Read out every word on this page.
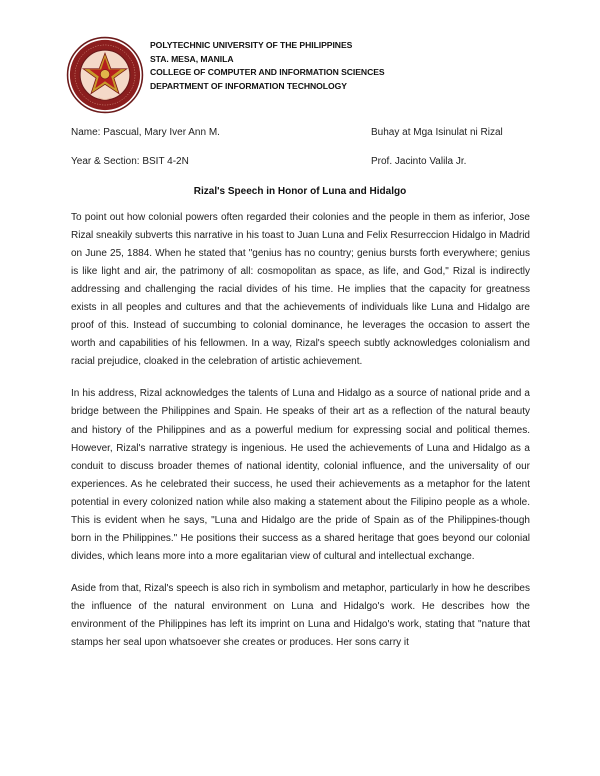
POLYTECHNIC UNIVERSITY OF THE PHILIPPINES
STA. MESA, MANILA
COLLEGE OF COMPUTER AND INFORMATION SCIENCES
DEPARTMENT OF INFORMATION TECHNOLOGY
Name: Pascual, Mary Iver Ann M.	Buhay at Mga Isinulat ni Rizal
Year & Section: BSIT 4-2N	Prof. Jacinto Valila Jr.
Rizal's Speech in Honor of Luna and Hidalgo

To point out how colonial powers often regarded their colonies and the people in them as inferior, Jose Rizal sneakily subverts this narrative in his toast to Juan Luna and Felix Resurreccion Hidalgo in Madrid on June 25, 1884. When he stated that "genius has no country; genius bursts forth everywhere; genius is like light and air, the patrimony of all: cosmopolitan as space, as life, and God," Rizal is indirectly addressing and challenging the racial divides of his time. He implies that the capacity for greatness exists in all peoples and cultures and that the achievements of individuals like Luna and Hidalgo are proof of this. Instead of succumbing to colonial dominance, he leverages the occasion to assert the worth and capabilities of his fellowmen. In a way, Rizal's speech subtly acknowledges colonialism and racial prejudice, cloaked in the celebration of artistic achievement.

In his address, Rizal acknowledges the talents of Luna and Hidalgo as a source of national pride and a bridge between the Philippines and Spain. He speaks of their art as a reflection of the natural beauty and history of the Philippines and as a powerful medium for expressing social and political themes. However, Rizal's narrative strategy is ingenious. He used the achievements of Luna and Hidalgo as a conduit to discuss broader themes of national identity, colonial influence, and the universality of our experiences. As he celebrated their success, he used their achievements as a metaphor for the latent potential in every colonized nation while also making a statement about the Filipino people as a whole. This is evident when he says, "Luna and Hidalgo are the pride of Spain as of the Philippines-though born in the Philippines." He positions their success as a shared heritage that goes beyond our colonial divides, which leans more into a more egalitarian view of cultural and intellectual exchange.

Aside from that, Rizal's speech is also rich in symbolism and metaphor, particularly in how he describes the influence of the natural environment on Luna and Hidalgo's work. He describes how the environment of the Philippines has left its imprint on Luna and Hidalgo's work, stating that "nature that stamps her seal upon whatsoever she creates or produces. Her sons carry it
